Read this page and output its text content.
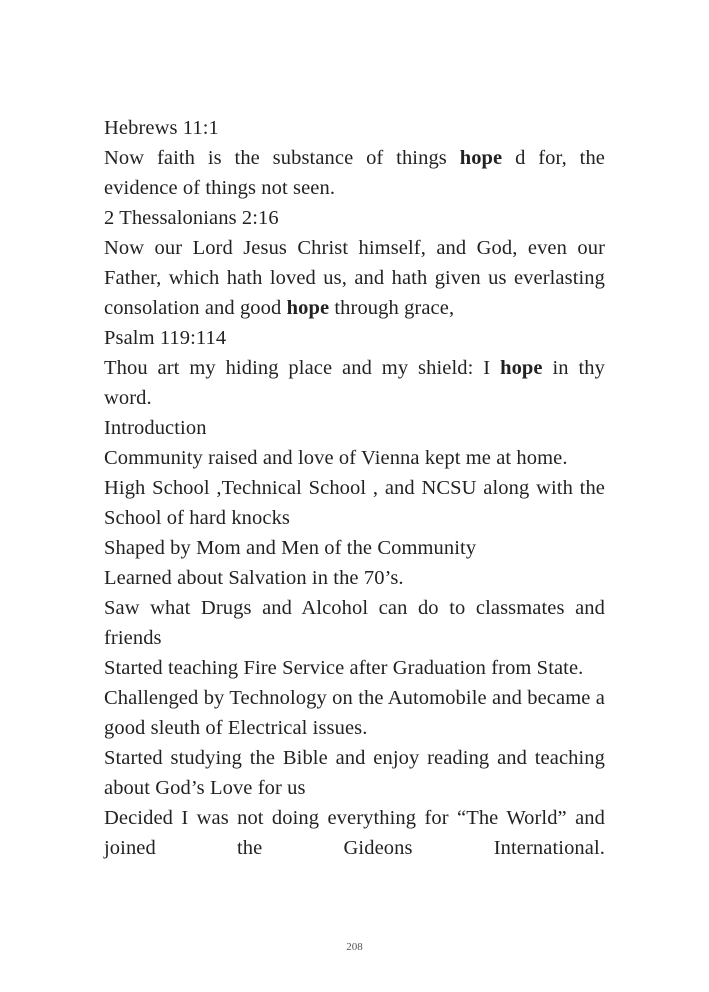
Hebrews 11:1

Now faith is the substance of things hope d for, the evidence of things not seen.

2 Thessalonians 2:16

Now our Lord Jesus Christ himself, and God, even our Father, which hath loved us, and hath given us everlasting consolation and good hope through grace,

Psalm 119:114

Thou art my hiding place and my shield: I hope in thy word.

Introduction

Community raised and love of Vienna kept me at home.

High School ,Technical School , and NCSU along with the School of hard knocks

Shaped by Mom and Men of the Community

Learned about Salvation in the 70’s.

Saw what Drugs and Alcohol can do to classmates and friends

Started teaching Fire Service after Graduation from State.

Challenged by Technology on the Automobile and became a good sleuth of Electrical issues.

Started studying the Bible and enjoy reading and teaching about God’s Love for us

Decided I was not doing everything for “The World” and joined the Gideons International.

208
